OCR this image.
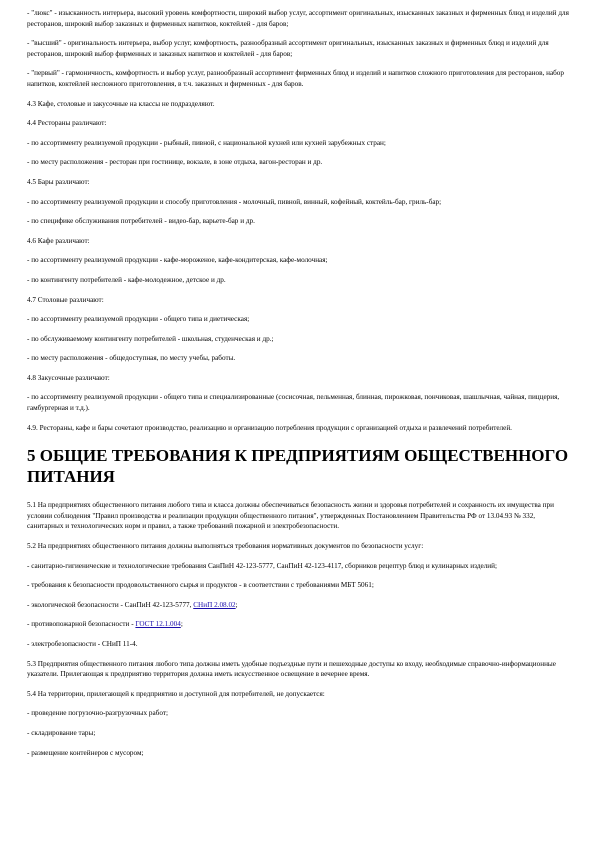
- "люкс" - изысканность интерьера, высокий уровень комфортности, широкий выбор услуг, ассортимент оригинальных, изысканных заказных и фирменных блюд и изделий для ресторанов, широкий выбор заказных и фирменных напитков, коктейлей - для баров;

- "высший" - оригинальность интерьера, выбор услуг, комфортность, разнообразный ассортимент оригинальных, изысканных заказных и фирменных блюд и изделий для ресторанов, широкий выбор фирменных и заказных напитков и коктейлей - для баров;

- "первый" - гармоничность, комфортность и выбор услуг, разнообразный ассортимент фирменных блюд и изделий и напитков сложного приготовления для ресторанов, набор напитков, коктейлей несложного приготовления, в т.ч. заказных и фирменных - для баров.

4.3 Кафе, столовые и закусочные на классы не подразделяют.

4.4 Рестораны различают:

- по ассортименту реализуемой продукции - рыбный, пивной, с национальной кухней или кухней зарубежных стран;

- по месту расположения - ресторан при гостинице, вокзале, в зоне отдыха, вагон-ресторан и др.

4.5 Бары различают:

- по ассортименту реализуемой продукции и способу приготовления - молочный, пивной, винный, кофейный, коктейль-бар, гриль-бар;

- по специфике обслуживания потребителей - видео-бар, варьете-бар и др.

4.6 Кафе различают:

- по ассортименту реализуемой продукции - кафе-мороженое, кафе-кондитерская, кафе-молочная;

- по контингенту потребителей - кафе-молодежное, детское и др.

4.7 Столовые различают:

- по ассортименту реализуемой продукции - общего типа и диетическая;

- по обслуживаемому контингенту потребителей - школьная, студенческая и др.;

- по месту расположения - общедоступная, по месту учебы, работы.

4.8 Закусочные различают:

- по ассортименту реализуемой продукции - общего типа и специализированные (сосисочная, пельменная, блинная, пирожковая, пончиковая, шашлычная, чайная, пиццерия, гамбургерная и т.д.).

4.9. Рестораны, кафе и бары сочетают производство, реализацию и организацию потребления продукции с организацией отдыха и развлечений потребителей.

5 ОБЩИЕ ТРЕБОВАНИЯ К ПРЕДПРИЯТИЯМ ОБЩЕСТВЕННОГО ПИТАНИЯ

5.1 На предприятиях общественного питания любого типа и класса должны обеспечиваться безопасность жизни и здоровья потребителей и сохранность их имущества при условии соблюдения "Правил производства и реализации продукции общественного питания", утвержденных Постановлением Правительства РФ от 13.04.93 № 332, санитарных и технологических норм и правил, а также требований пожарной и электробезопасности.

5.2 На предприятиях общественного питания должны выполняться требования нормативных документов по безопасности услуг:

- санитарно-гигиенические и технологические требования СанПиН 42-123-5777, СанПиН 42-123-4117, сборников рецептур блюд и кулинарных изделий;

- требования к безопасности продовольственного сырья и продуктов - в соответствии с требованиями МБТ 5061;

- экологической безопасности - СанПиН 42-123-5777, СНиП 2.08.02;

- противопожарной безопасности - ГОСТ 12.1.004;

- электробезопасности - СНиП 11-4.

5.3 Предприятия общественного питания любого типа должны иметь удобные подъездные пути и пешеходные доступы ко входу, необходимые справочно-информационные указатели. Прилегающая к предприятию территория должна иметь искусственное освещение в вечернее время.

5.4 На территории, прилегающей к предприятию и доступной для потребителей, не допускается:

- проведение погрузочно-разгрузочных работ;

- складирование тары;

- размещение контейнеров с мусором;
